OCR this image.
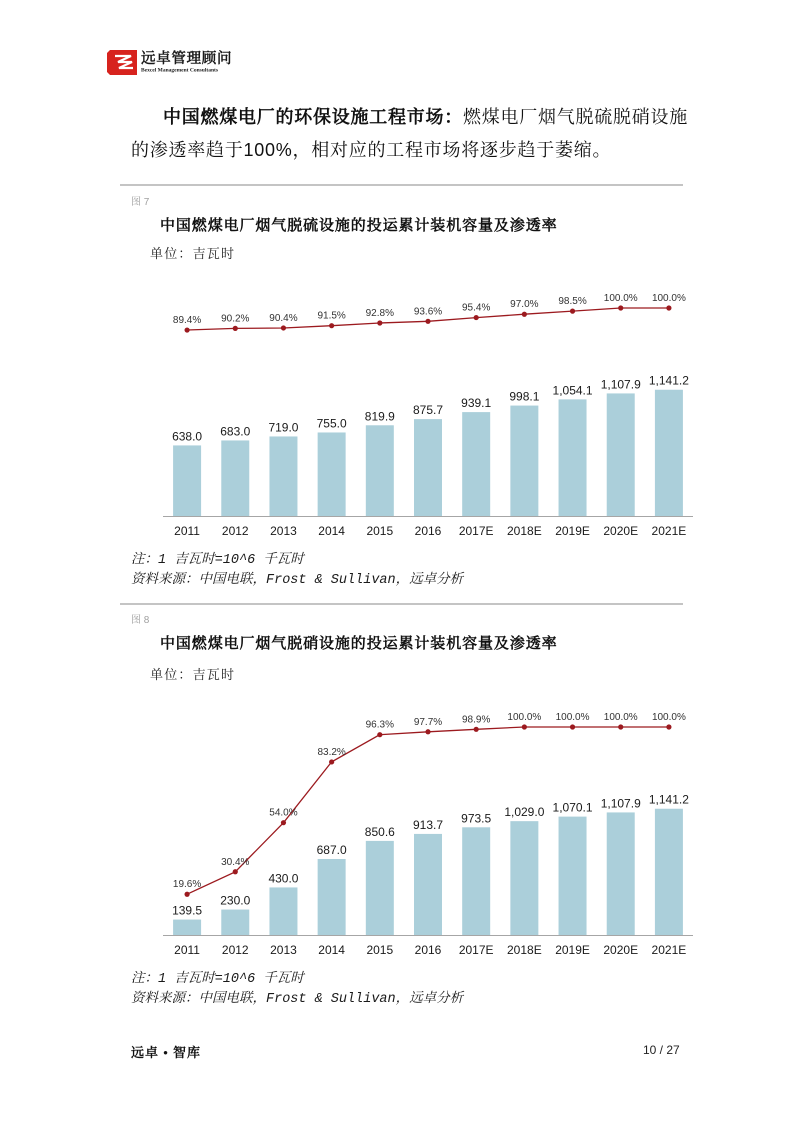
远卓管理顾问
Bexcel Management Consultants
中国燃煤电厂的环保设施工程市场：燃煤电厂烟气脱硫脱硝设施
的渗透率趋于100%，相对应的工程市场将逐步趋于萎缩。
图 7
中国燃煤电厂烟气脱硫设施的投运累计装机容量及渗透率
单位：吉瓦时
638.0 683.0 719.0 755.0
819.9 875.7
939.1 998.1 1,054.1 1,107.9 1,141.2
2011 2012 2013 2014 2015 2016 2017E 2018E 2019E 2020E 2021E
89.4% 90.2% 90.4% 91.5% 92.8% 93.6% 95.4% 97.0% 98.5% 100.0% 100.0%
注：1 吉瓦时=10^6 千瓦时
资料来源：中国电联，Frost & Sullivan，远卓分析
图 8
中国燃煤电厂烟气脱硝设施的投运累计装机容量及渗透率
单位：吉瓦时
139.5
230.0
430.0
687.0
850.6 913.7 973.5 1,029.0 1,070.1 1,107.9 1,141.2
2011 2012 2013 2014 2015 2016 2017E 2018E 2019E 2020E 2021E
19.6%
30.4%
54.0%
83.2%
96.3% 97.7% 98.9% 100.0% 100.0% 100.0% 100.0%
注：1 吉瓦时=10^6 千瓦时
资料来源：中国电联，Frost & Sullivan，远卓分析
远卓 • 智库	10 / 27
